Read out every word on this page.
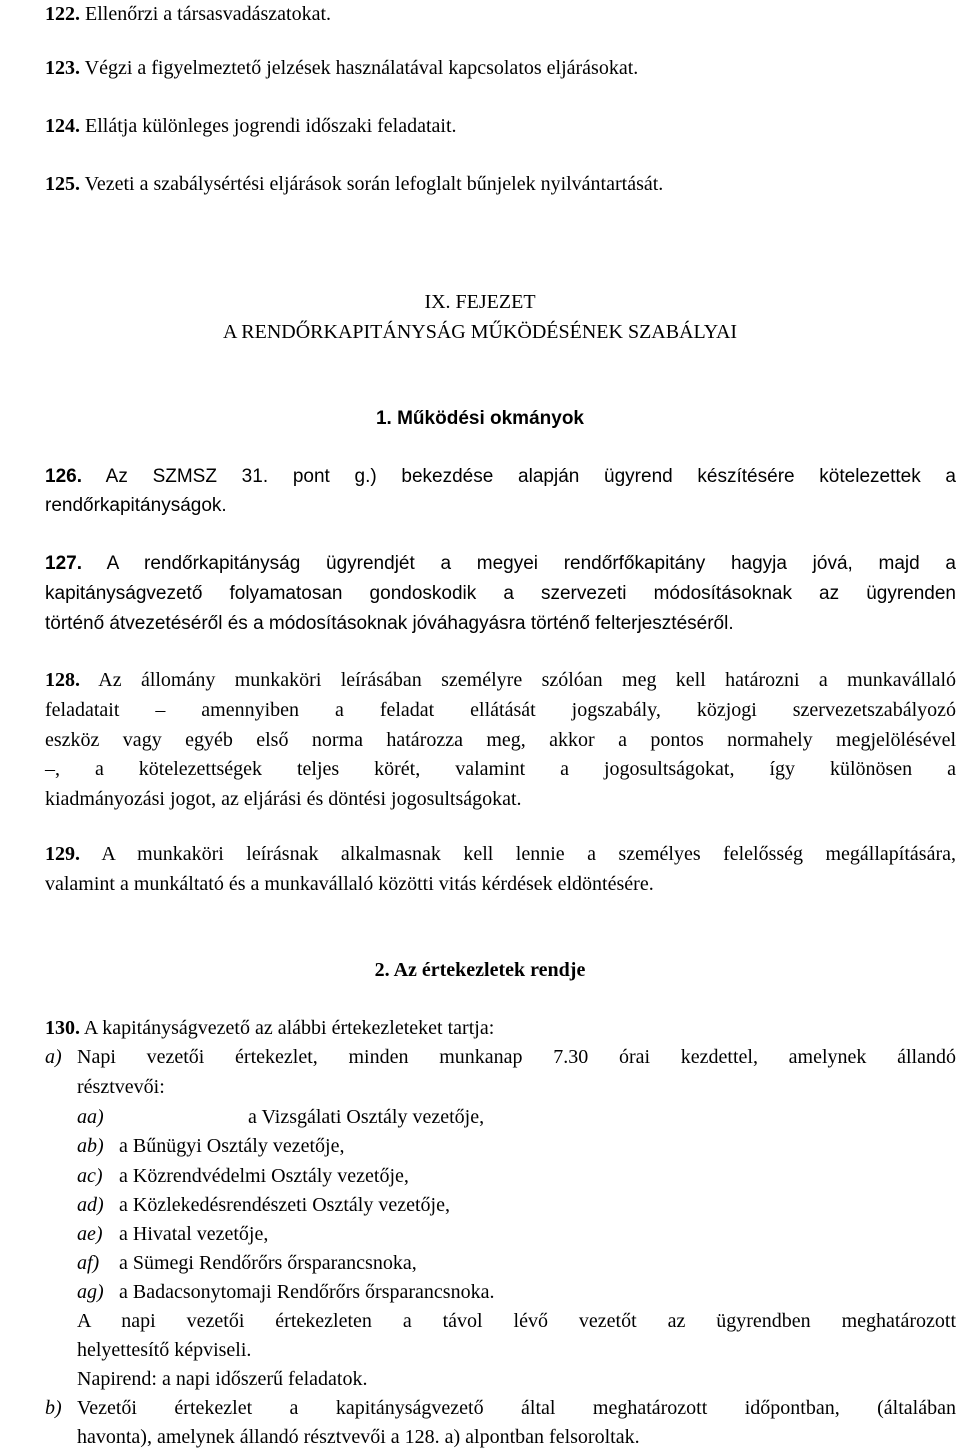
122. Ellenőrzi a társasvadászatokat.
123. Végzi a figyelmeztető jelzések használatával kapcsolatos eljárásokat.
124. Ellátja különleges jogrendi időszaki feladatait.
125. Vezeti a szabálysértési eljárások során lefoglalt bűnjelek nyilvántartását.
IX. FEJEZET
A RENDŐRKAPITÁNYSÁG MŰKÖDÉSÉNEK SZABÁLYAI
1. Működési okmányok
126. Az SZMSZ 31. pont g.) bekezdése alapján ügyrend készítésére kötelezettek a
rendőrkapitányságok.
127. A rendőrkapitányság ügyrendjét a megyei rendőrfőkapitány hagyja jóvá, majd a
kapitányságvezető folyamatosan gondoskodik a szervezeti módosításoknak az ügyrenden
történő átvezetéséről és a módosításoknak jóváhagyásra történő felterjesztéséről.
128. Az állomány munkaköri leírásában személyre szólóan meg kell határozni a munkavállaló
feladatait – amennyiben a feladat ellátását jogszabály, közjogi szervezetszabályozó
eszköz vagy egyéb első norma határozza meg, akkor a pontos normahely megjelölésével
–, a kötelezettségek teljes körét, valamint a jogosultságokat, így különösen a
kiadmányozási jogot, az eljárási és döntési jogosultságokat.
129. A munkaköri leírásnak alkalmasnak kell lennie a személyes felelősség megállapítására,
valamint a munkáltató és a munkavállaló közötti vitás kérdések eldöntésére.
2. Az értekezletek rendje
130. A kapitányságvezető az alábbi értekezleteket tartja:
a) Napi vezetői értekezlet, minden munkanap 7.30 órai kezdettel, amelynek állandó
résztvevői:
aa)	a Vizsgálati Osztály vezetője,
ab) a Bűnügyi Osztály vezetője,
ac) a Közrendvédelmi Osztály vezetője,
ad) a Közlekedésrendészeti Osztály vezetője,
ae) a Hivatal vezetője,
af) a Sümegi Rendőrőrs őrsparancsnoka,
ag) a Badacsonytomaji Rendőrőrs őrsparancsnoka.
A napi vezetői értekezleten a távol lévő vezetőt az ügyrendben meghatározott
helyettesítő képviseli.
Napirend: a napi időszerű feladatok.
b) Vezetői értekezlet a kapitányságvezető által meghatározott időpontban, (általában
havonta), amelynek állandó résztvevői a 128. a) alpontban felsoroltak.
